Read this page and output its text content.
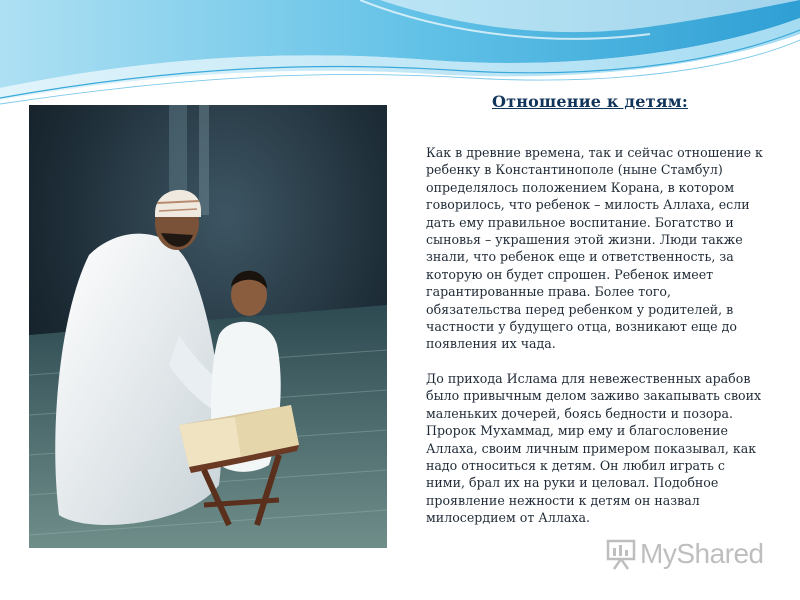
Отношение к детям:

Как в древние времена, так и сейчас отношение к ребенку в Константинополе (ныне Стамбул) определялось положением Корана, в котором говорилось, что ребенок – милость Аллаха, если дать ему правильное воспитание. Богатство и сыновья – украшения этой жизни. Люди также знали, что ребенок еще и ответственность, за которую он будет спрошен. Ребенок имеет гарантированные права. Более того, обязательства перед ребенком у родителей, в частности у будущего отца, возникают еще до появления их чада.

До прихода Ислама для невежественных арабов было привычным делом заживо закапывать своих маленьких дочерей, боясь бедности и позора. Пророк Мухаммад, мир ему и благословение Аллаха, своим личным примером показывал, как надо относиться к детям. Он любил играть с ними, брал их на руки и целовал. Подобное проявление нежности к детям он назвал милосердием от Аллаха.

MyShared
